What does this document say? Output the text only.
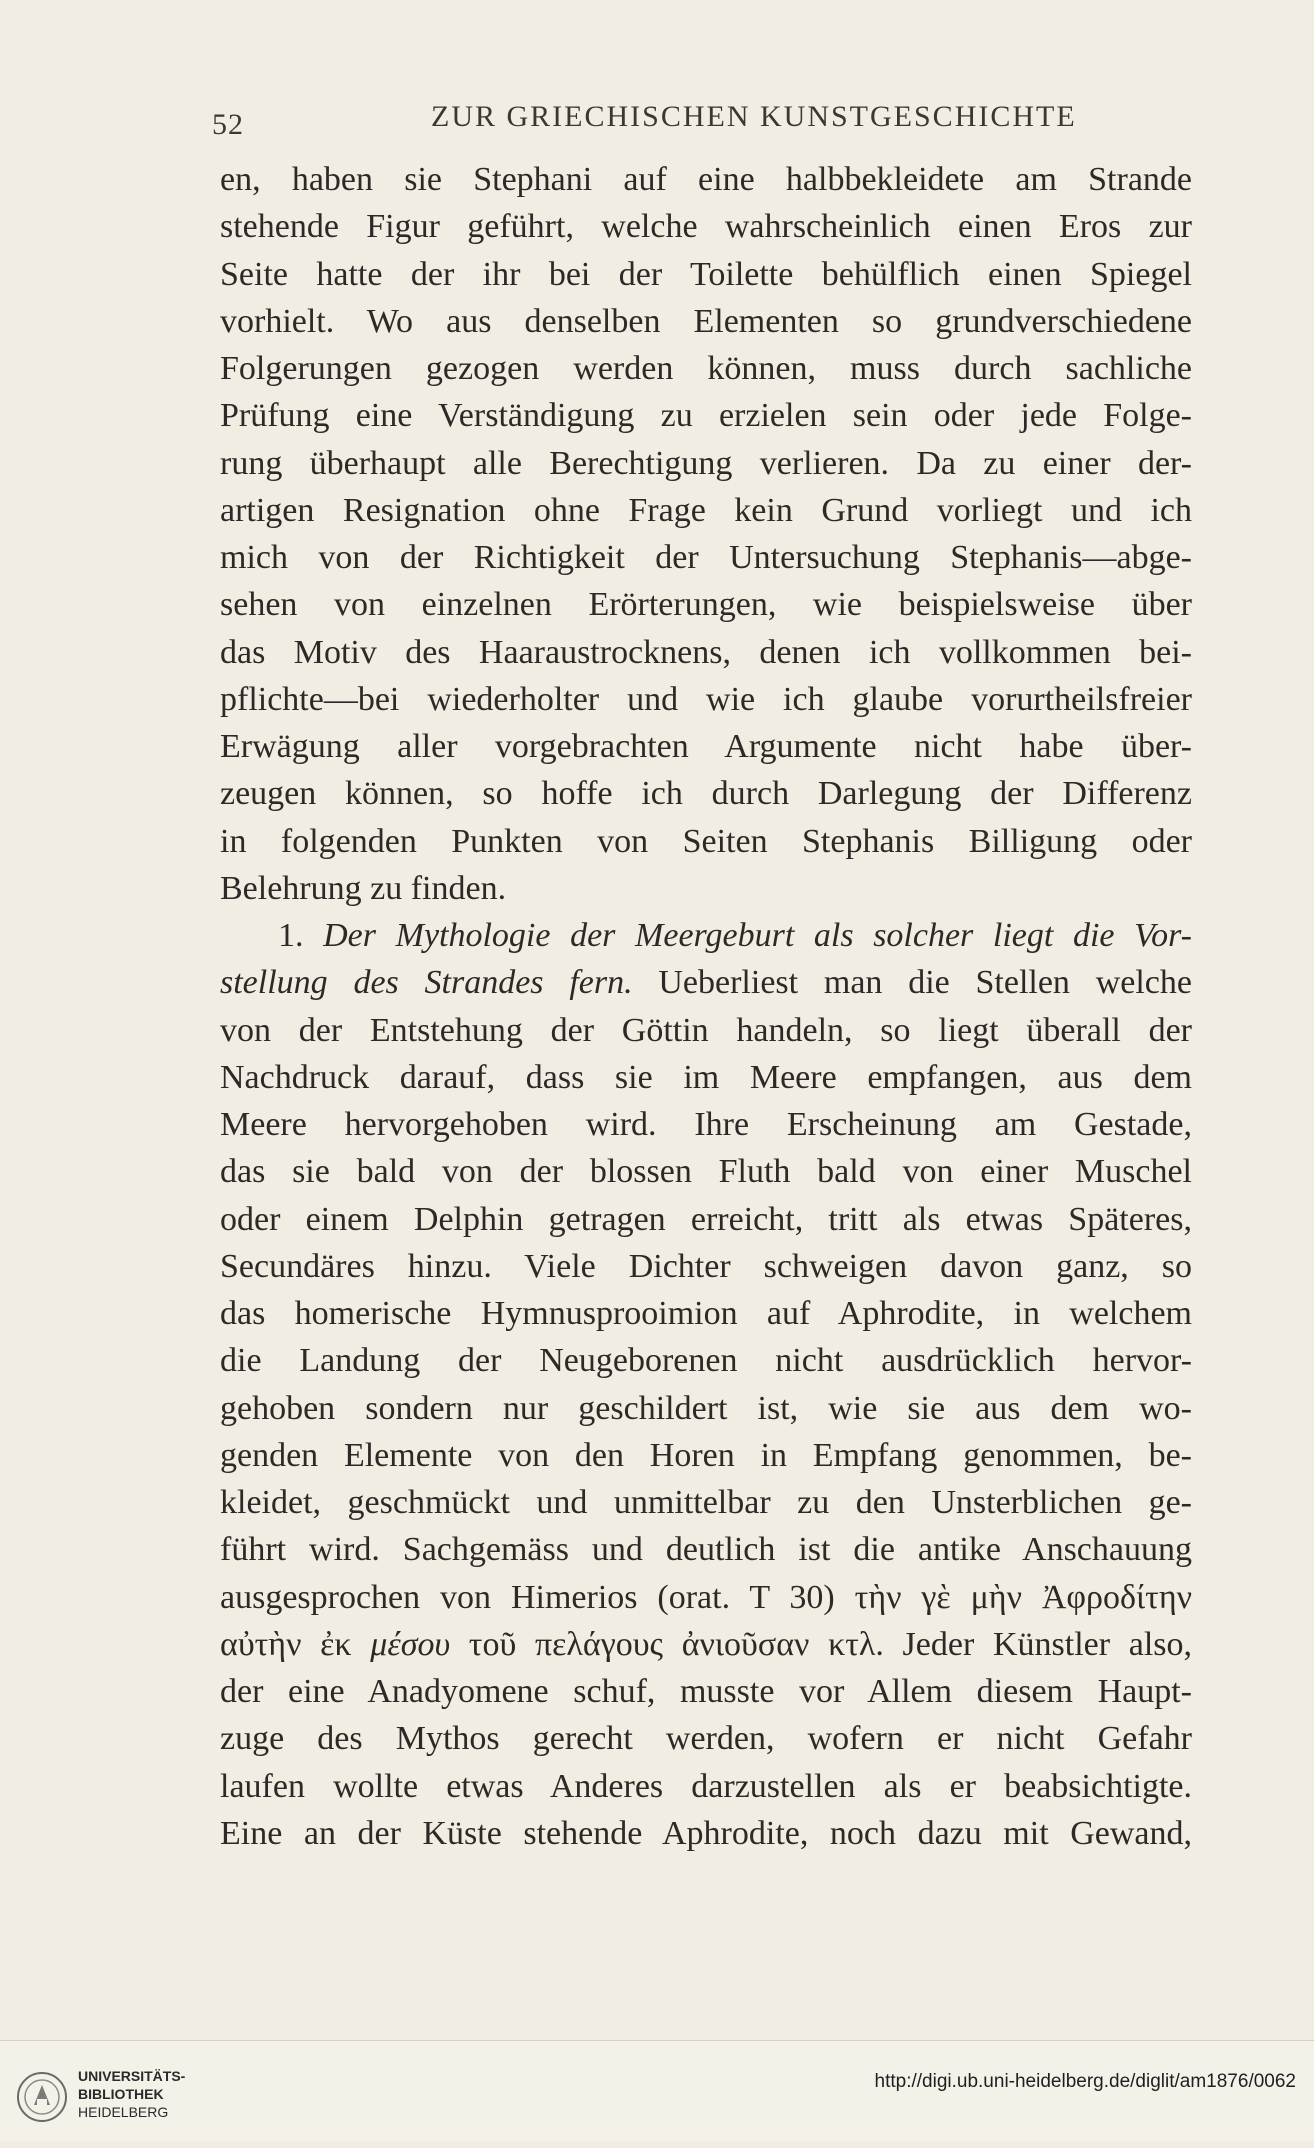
52	ZUR GRIECHISCHEN KUNSTGESCHICHTE
en, haben sie Stephani auf eine halbbekleidete am Strande
stehende Figur geführt, welche wahrscheinlich einen Eros zur
Seite hatte der ihr bei der Toilette behülflich einen Spiegel
vorhielt. Wo aus denselben Elementen so grundverschiedene
Folgerungen gezogen werden können, muss durch sachliche
Prüfung eine Verständigung zu erzielen sein oder jede Folge-
rung überhaupt alle Berechtigung verlieren. Da zu einer der-
artigen Resignation ohne Frage kein Grund vorliegt und ich
mich von der Richtigkeit der Untersuchung Stephanis—abge-
sehen von einzelnen Erörterungen, wie beispielsweise über
das Motiv des Haaraustrocknens, denen ich vollkommen bei-
pflichte—bei wiederholter und wie ich glaube vorurtheilsfreier
Erwägung aller vorgebrachten Argumente nicht habe über-
zeugen können, so hoffe ich durch Darlegung der Differenz
in folgenden Punkten von Seiten Stephanis Billigung oder
Belehrung zu finden.
1. Der Mythologie der Meergeburt als solcher liegt die Vor-
stellung des Strandes fern. Ueberliest man die Stellen welche
von der Entstehung der Göttin handeln, so liegt überall der
Nachdruck darauf, dass sie im Meere empfangen, aus dem
Meere hervorgehoben wird. Ihre Erscheinung am Gestade,
das sie bald von der blossen Fluth bald von einer Muschel
oder einem Delphin getragen erreicht, tritt als etwas Späteres,
Secundäres hinzu. Viele Dichter schweigen davon ganz, so
das homerische Hymnusprooimion auf Aphrodite, in welchem
die Landung der Neugeborenen nicht ausdrücklich hervor-
gehoben sondern nur geschildert ist, wie sie aus dem wo-
genden Elemente von den Horen in Empfang genommen, be-
kleidet, geschmückt und unmittelbar zu den Unsterblichen ge-
führt wird. Sachgemäss und deutlich ist die antike Anschauung
ausgesprochen von Himerios (orat. T 30) τὴν γὲ μὴν Ἀφροδίτην
αὐτὴν ἐκ μέσου τοῦ πελάγους ἀνιοῦσαν κτλ. Jeder Künstler also,
der eine Anadyomene schuf, musste vor Allem diesem Haupt-
zuge des Mythos gerecht werden, wofern er nicht Gefahr
laufen wollte etwas Anderes darzustellen als er beabsichtigte.
Eine an der Küste stehende Aphrodite, noch dazu mit Gewand,
UNIVERSITÄTS-
BIBLIOTHEK
HEIDELBERG
http://digi.ub.uni-heidelberg.de/diglit/am1876/0062
